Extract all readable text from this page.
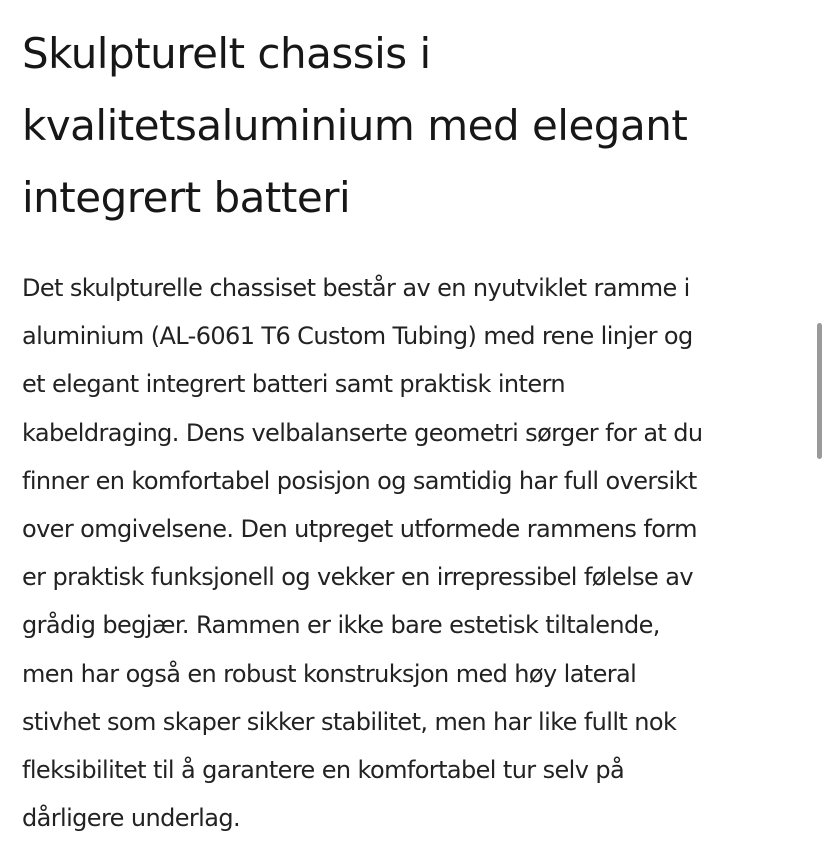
Skulpturelt chassis i
kvalitetsaluminium med elegant
integrert batteri

Det skulpturelle chassiset består av en nyutviklet ramme i
aluminium (AL-6061 T6 Custom Tubing) med rene linjer og
et elegant integrert batteri samt praktisk intern
kabeldraging. Dens velbalanserte geometri sørger for at du
finner en komfortabel posisjon og samtidig har full oversikt
over omgivelsene. Den utpreget utformede rammens form
er praktisk funksjonell og vekker en irrepressibel følelse av
grådig begjær. Rammen er ikke bare estetisk tiltalende,
men har også en robust konstruksjon med høy lateral
stivhet som skaper sikker stabilitet, men har like fullt nok
fleksibilitet til å garantere en komfortabel tur selv på
dårligere underlag.
